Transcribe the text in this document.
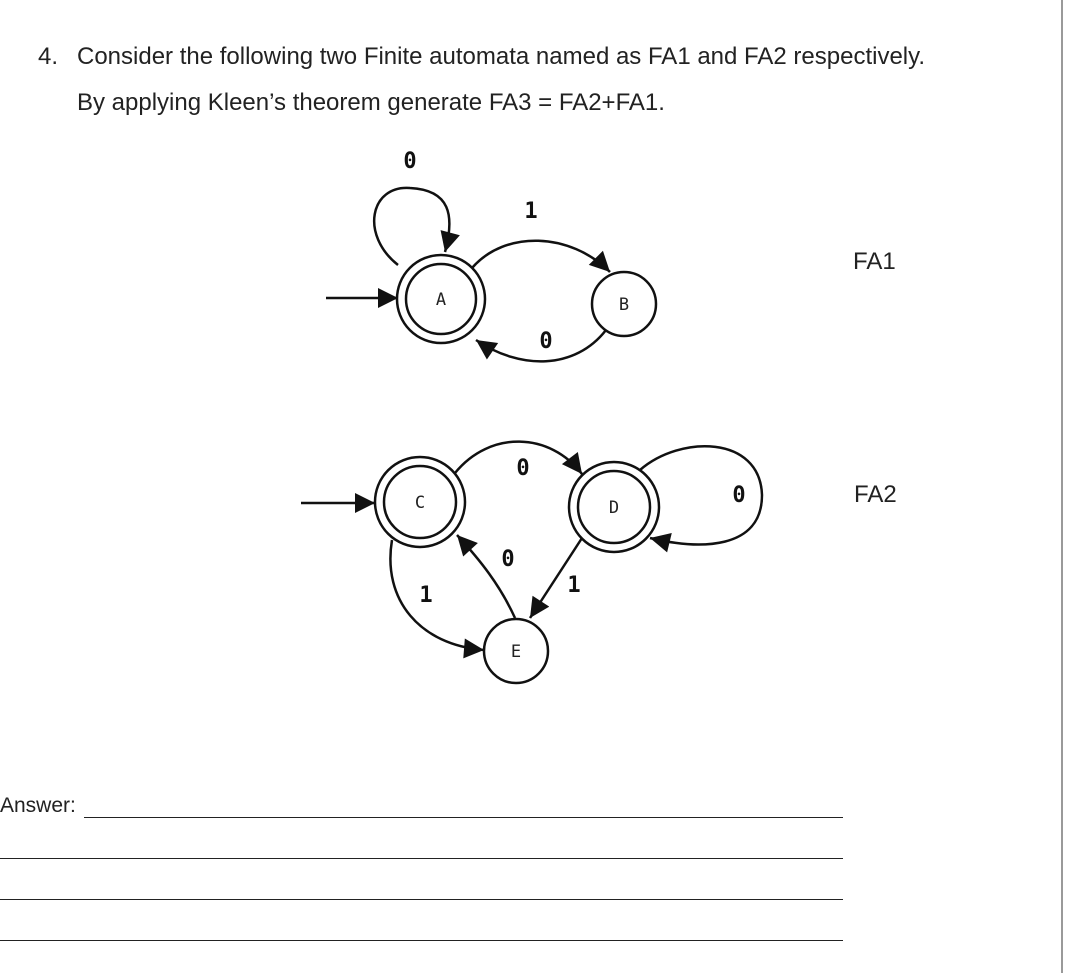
4. Consider the following two Finite automata named as FA1 and FA2 respectively.
By applying Kleen’s theorem generate FA3 = FA2+FA1.
A	B
0
1
0
C	D
E
0
0
1
0
1
FA1
FA2
Answer:
